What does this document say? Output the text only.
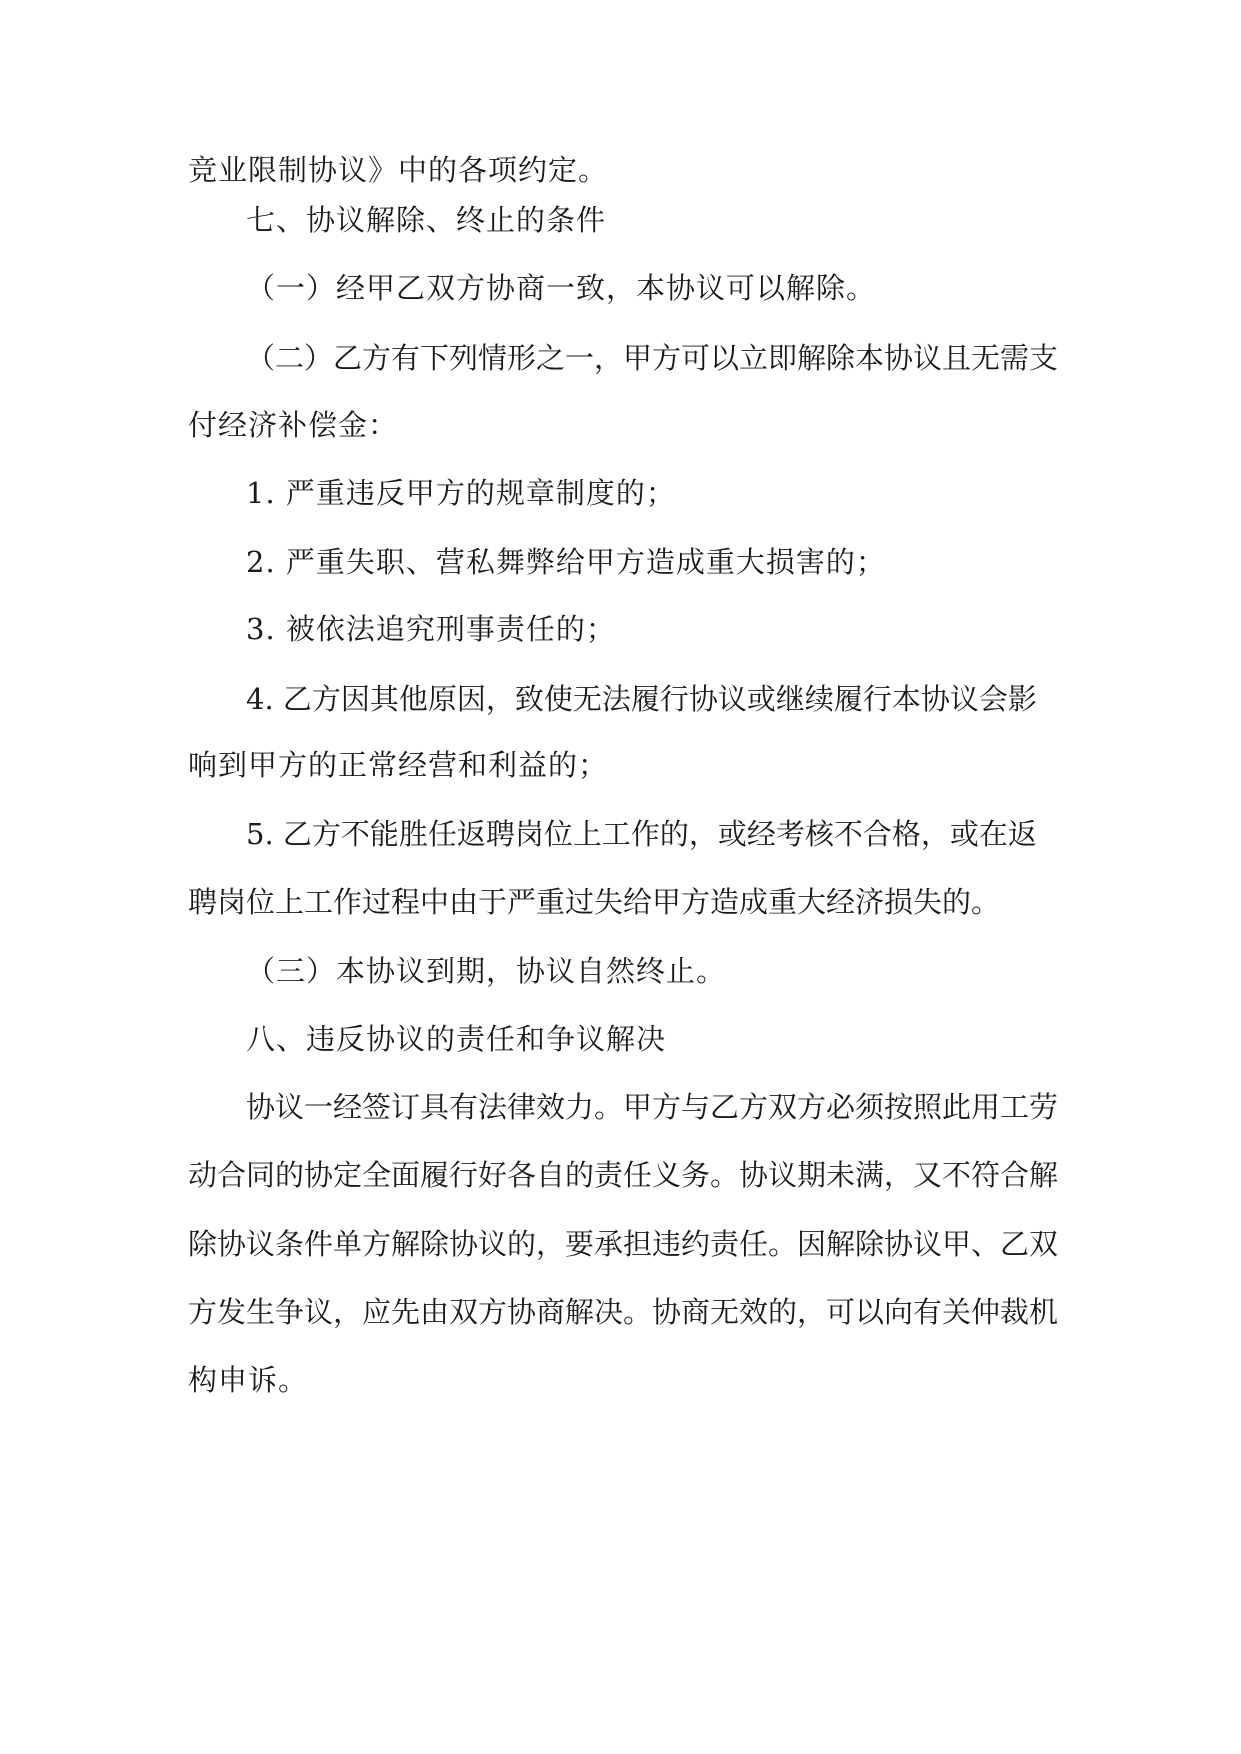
竞业限制协议》中的各项约定。
七、协议解除、终止的条件
（一）经甲乙双方协商一致，本协议可以解除。
（二）乙方有下列情形之一，甲方可以立即解除本协议且无需支
付经济补偿金：
1. 严重违反甲方的规章制度的；
2. 严重失职、营私舞弊给甲方造成重大损害的；
3. 被依法追究刑事责任的；
4. 乙方因其他原因，致使无法履行协议或继续履行本协议会影
响到甲方的正常经营和利益的；
5. 乙方不能胜任返聘岗位上工作的，或经考核不合格，或在返
聘岗位上工作过程中由于严重过失给甲方造成重大经济损失的。
（三）本协议到期，协议自然终止。
八、违反协议的责任和争议解决
协议一经签订具有法律效力。甲方与乙方双方必须按照此用工劳
动合同的协定全面履行好各自的责任义务。协议期未满，又不符合解
除协议条件单方解除协议的，要承担违约责任。因解除协议甲、乙双
方发生争议，应先由双方协商解决。协商无效的，可以向有关仲裁机
构申诉。
